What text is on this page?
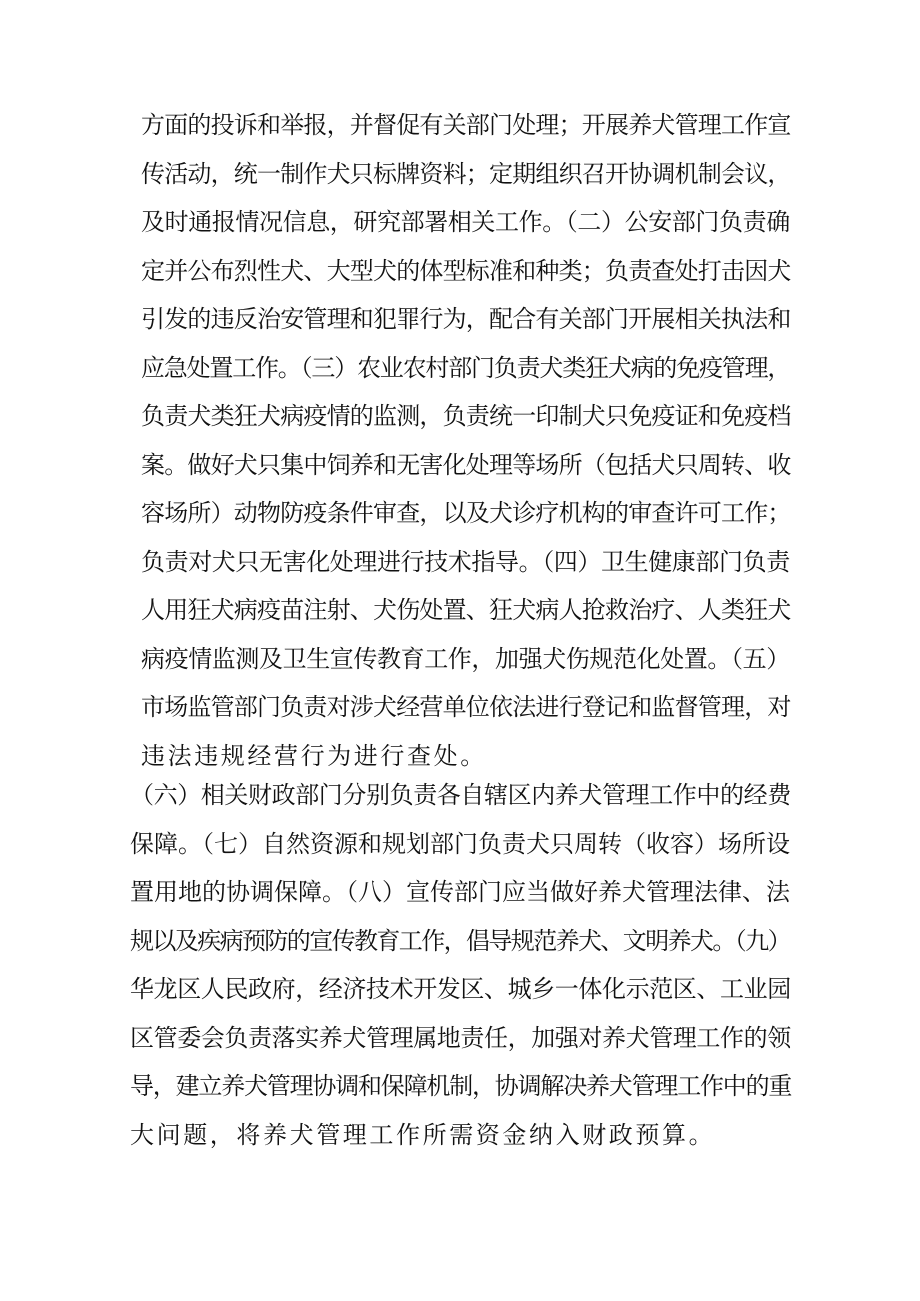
方面的投诉和举报，并督促有关部门处理；开展养犬管理工作宣
传活动，统一制作犬只标牌资料；定期组织召开协调机制会议，
及时通报情况信息，研究部署相关工作。（二）公安部门负责确
定并公布烈性犬、大型犬的体型标准和种类；负责查处打击因犬
引发的违反治安管理和犯罪行为，配合有关部门开展相关执法和
应急处置工作。（三）农业农村部门负责犬类狂犬病的免疫管理，
负责犬类狂犬病疫情的监测，负责统一印制犬只免疫证和免疫档
案。做好犬只集中饲养和无害化处理等场所（包括犬只周转、收
容场所）动物防疫条件审查，以及犬诊疗机构的审查许可工作；
负责对犬只无害化处理进行技术指导。（四）卫生健康部门负责
人用狂犬病疫苗注射、犬伤处置、狂犬病人抢救治疗、人类狂犬
病疫情监测及卫生宣传教育工作，加强犬伤规范化处置。（五）
市场监管部门负责对涉犬经营单位依法进行登记和监督管理，对
违法违规经营行为进行查处。
（六）相关财政部门分别负责各自辖区内养犬管理工作中的经费
保障。（七）自然资源和规划部门负责犬只周转（收容）场所设
置用地的协调保障。（八）宣传部门应当做好养犬管理法律、法
规以及疾病预防的宣传教育工作，倡导规范养犬、文明养犬。（九）
华龙区人民政府，经济技术开发区、城乡一体化示范区、工业园
区管委会负责落实养犬管理属地责任，加强对养犬管理工作的领
导，建立养犬管理协调和保障机制，协调解决养犬管理工作中的重
大问题，将养犬管理工作所需资金纳入财政预算。
